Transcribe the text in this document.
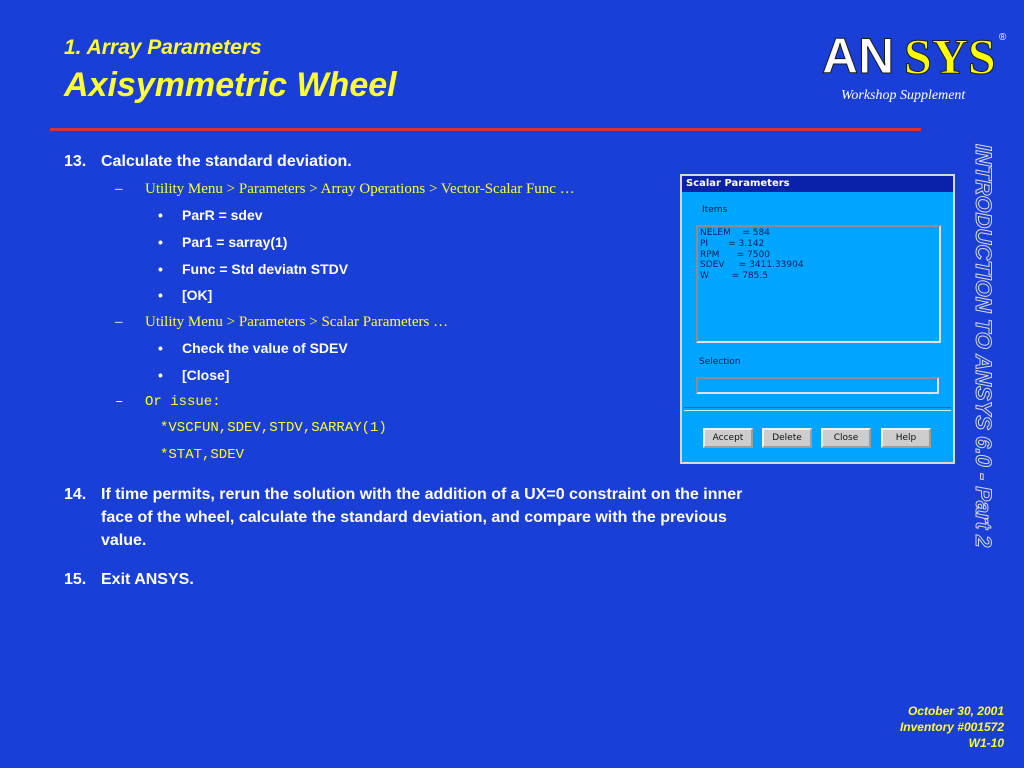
1. Array Parameters
Axisymmetric Wheel
AN SYS ®
Workshop Supplement
INTRODUCTION TO ANSYS 6.0 - Part 2
13. Calculate the standard deviation.
– Utility Menu > Parameters > Array Operations > Vector-Scalar Func …
• ParR = sdev
• Par1 = sarray(1)
• Func = Std deviatn STDV
• [OK]
– Utility Menu > Parameters > Scalar Parameters …
• Check the value of SDEV
• [Close]
– Or issue:
*VSCFUN,SDEV,STDV,SARRAY(1)
*STAT,SDEV
14. If time permits, rerun the solution with the addition of a UX=0 constraint on the inner
face of the wheel, calculate the standard deviation, and compare with the previous
value.
15. Exit ANSYS.
Scalar Parameters
Items
NELEM    = 584
PI       = 3.142
RPM      = 7500
SDEV     = 3411.33904
W        = 785.5
Selection
Accept	Delete	Close	Help
October 30, 2001
Inventory #001572
W1-10
